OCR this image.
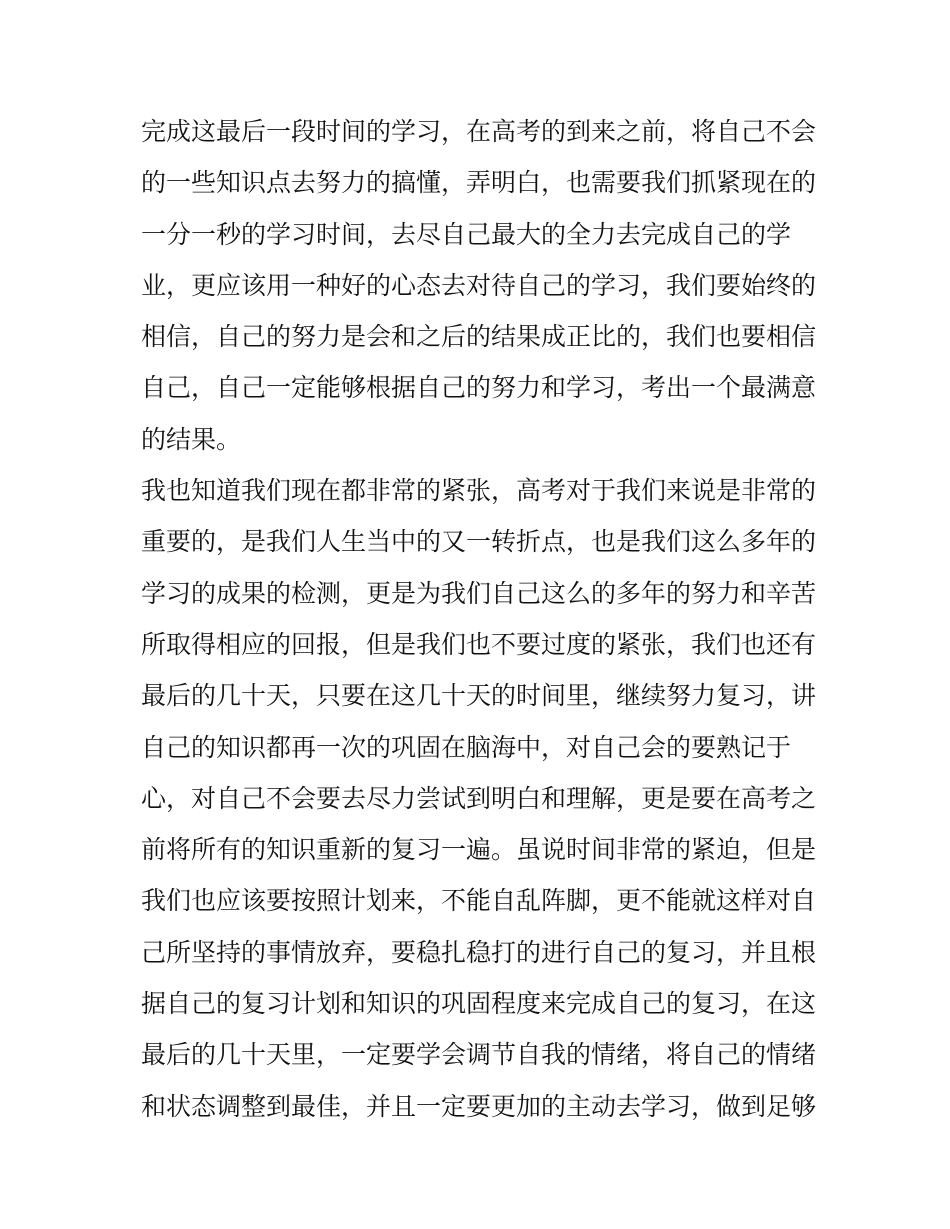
完成这最后一段时间的学习，在高考的到来之前，将自己不会
的一些知识点去努力的搞懂，弄明白，也需要我们抓紧现在的
一分一秒的学习时间，去尽自己最大的全力去完成自己的学
业，更应该用一种好的心态去对待自己的学习，我们要始终的
相信，自己的努力是会和之后的结果成正比的，我们也要相信
自己，自己一定能够根据自己的努力和学习，考出一个最满意
的结果。
我也知道我们现在都非常的紧张，高考对于我们来说是非常的
重要的，是我们人生当中的又一转折点，也是我们这么多年的
学习的成果的检测，更是为我们自己这么的多年的努力和辛苦
所取得相应的回报，但是我们也不要过度的紧张，我们也还有
最后的几十天，只要在这几十天的时间里，继续努力复习，讲
自己的知识都再一次的巩固在脑海中，对自己会的要熟记于
心，对自己不会要去尽力尝试到明白和理解，更是要在高考之
前将所有的知识重新的复习一遍。虽说时间非常的紧迫，但是
我们也应该要按照计划来，不能自乱阵脚，更不能就这样对自
己所坚持的事情放弃，要稳扎稳打的进行自己的复习，并且根
据自己的复习计划和知识的巩固程度来完成自己的复习，在这
最后的几十天里，一定要学会调节自我的情绪，将自己的情绪
和状态调整到最佳，并且一定要更加的主动去学习，做到足够
